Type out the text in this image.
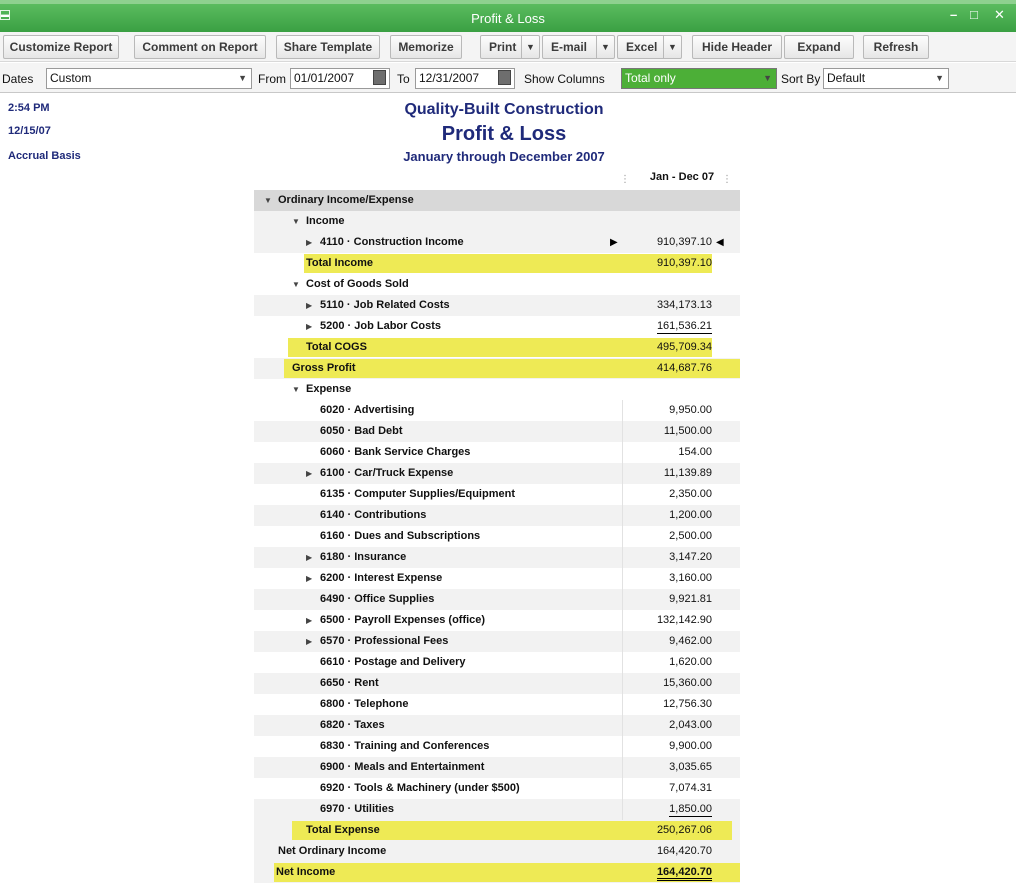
▬	Profit & Loss	– □ ✕
Customize Report	Comment on Report	Share Template	Memorize	Print	▼	E-mail	▼	Excel	▼	Hide Header	Expand	Refresh
Dates	Custom	▼ From 01/01/2007	To 12/31/2007	Show Columns	Total only	▼ Sort By Default	▼
2:54 PM
12/15/07
Accrual Basis
Quality-Built Construction
Profit & Loss
January through December 2007
⋮	Jan - Dec 07 ⋮
▼ Ordinary Income/Expense
▼ Income
▶ 4110 · Construction Income	910,397.10
▶	◀
Total Income	910,397.10
▼ Cost of Goods Sold
▶ 5110 · Job Related Costs	334,173.13
▶ 5200 · Job Labor Costs	161,536.21
Total COGS	495,709.34
Gross Profit	414,687.76
▼ Expense
6020 · Advertising	9,950.00
6050 · Bad Debt	11,500.00
6060 · Bank Service Charges	154.00
▶ 6100 · Car/Truck Expense	11,139.89
6135 · Computer Supplies/Equipment	2,350.00
6140 · Contributions	1,200.00
6160 · Dues and Subscriptions	2,500.00
▶ 6180 · Insurance	3,147.20
▶ 6200 · Interest Expense	3,160.00
6490 · Office Supplies	9,921.81
▶ 6500 · Payroll Expenses (office)	132,142.90
▶ 6570 · Professional Fees	9,462.00
6610 · Postage and Delivery	1,620.00
6650 · Rent	15,360.00
6800 · Telephone	12,756.30
6820 · Taxes	2,043.00
6830 · Training and Conferences	9,900.00
6900 · Meals and Entertainment	3,035.65
6920 · Tools & Machinery (under $500)	7,074.31
6970 · Utilities	1,850.00
Total Expense	250,267.06
Net Ordinary Income	164,420.70
Net Income	164,420.70
